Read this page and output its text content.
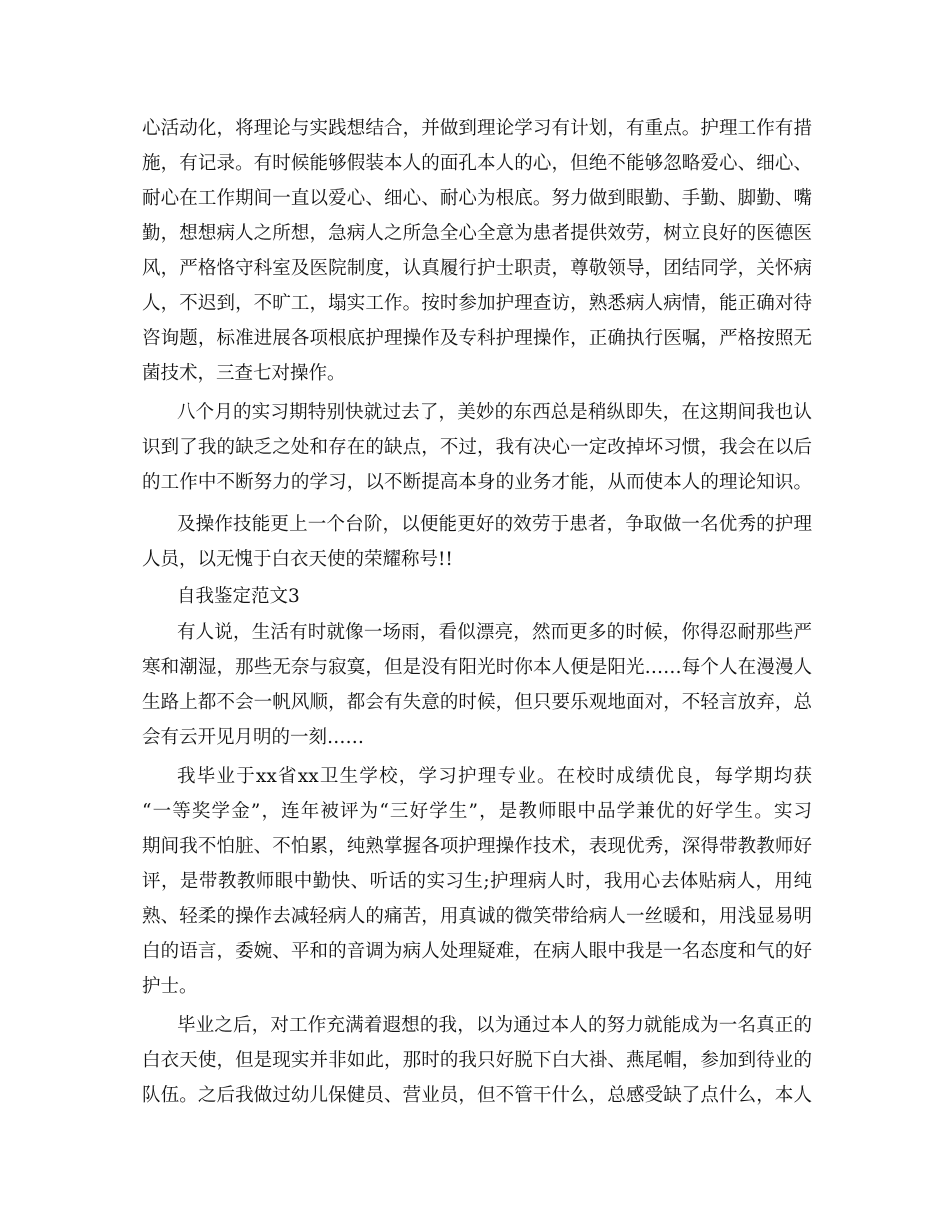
心活动化，将理论与实践想结合，并做到理论学习有计划，有重点。护理工作有措
施，有记录。有时候能够假装本人的面孔本人的心，但绝不能够忽略爱心、细心、
耐心在工作期间一直以爱心、细心、耐心为根底。努力做到眼勤、手勤、脚勤、嘴
勤，想想病人之所想，急病人之所急全心全意为患者提供效劳，树立良好的医德医
风，严格恪守科室及医院制度，认真履行护士职责，尊敬领导，团结同学，关怀病
人，不迟到，不旷工，塌实工作。按时参加护理查访，熟悉病人病情，能正确对待
咨询题，标准进展各项根底护理操作及专科护理操作，正确执行医嘱，严格按照无
菌技术，三查七对操作。
八个月的实习期特别快就过去了，美妙的东西总是稍纵即失，在这期间我也认
识到了我的缺乏之处和存在的缺点，不过，我有决心一定改掉坏习惯，我会在以后
的工作中不断努力的学习，以不断提高本身的业务才能，从而使本人的理论知识。
及操作技能更上一个台阶，以便能更好的效劳于患者，争取做一名优秀的护理
人员，以无愧于白衣天使的荣耀称号!!
自我鉴定范文3
有人说，生活有时就像一场雨，看似漂亮，然而更多的时候，你得忍耐那些严
寒和潮湿，那些无奈与寂寞，但是没有阳光时你本人便是阳光……每个人在漫漫人
生路上都不会一帆风顺，都会有失意的时候，但只要乐观地面对，不轻言放弃，总
会有云开见月明的一刻……
我毕业于xx省xx卫生学校，学习护理专业。在校时成绩优良，每学期均获
“一等奖学金”，连年被评为“三好学生”，是教师眼中品学兼优的好学生。实习
期间我不怕脏、不怕累，纯熟掌握各项护理操作技术，表现优秀，深得带教教师好
评，是带教教师眼中勤快、听话的实习生;护理病人时，我用心去体贴病人，用纯
熟、轻柔的操作去减轻病人的痛苦，用真诚的微笑带给病人一丝暖和，用浅显易明
白的语言，委婉、平和的音调为病人处理疑难，在病人眼中我是一名态度和气的好
护士。
毕业之后，对工作充满着遐想的我，以为通过本人的努力就能成为一名真正的
白衣天使，但是现实并非如此，那时的我只好脱下白大褂、燕尾帽，参加到待业的
队伍。之后我做过幼儿保健员、营业员，但不管干什么，总感受缺了点什么，本人
